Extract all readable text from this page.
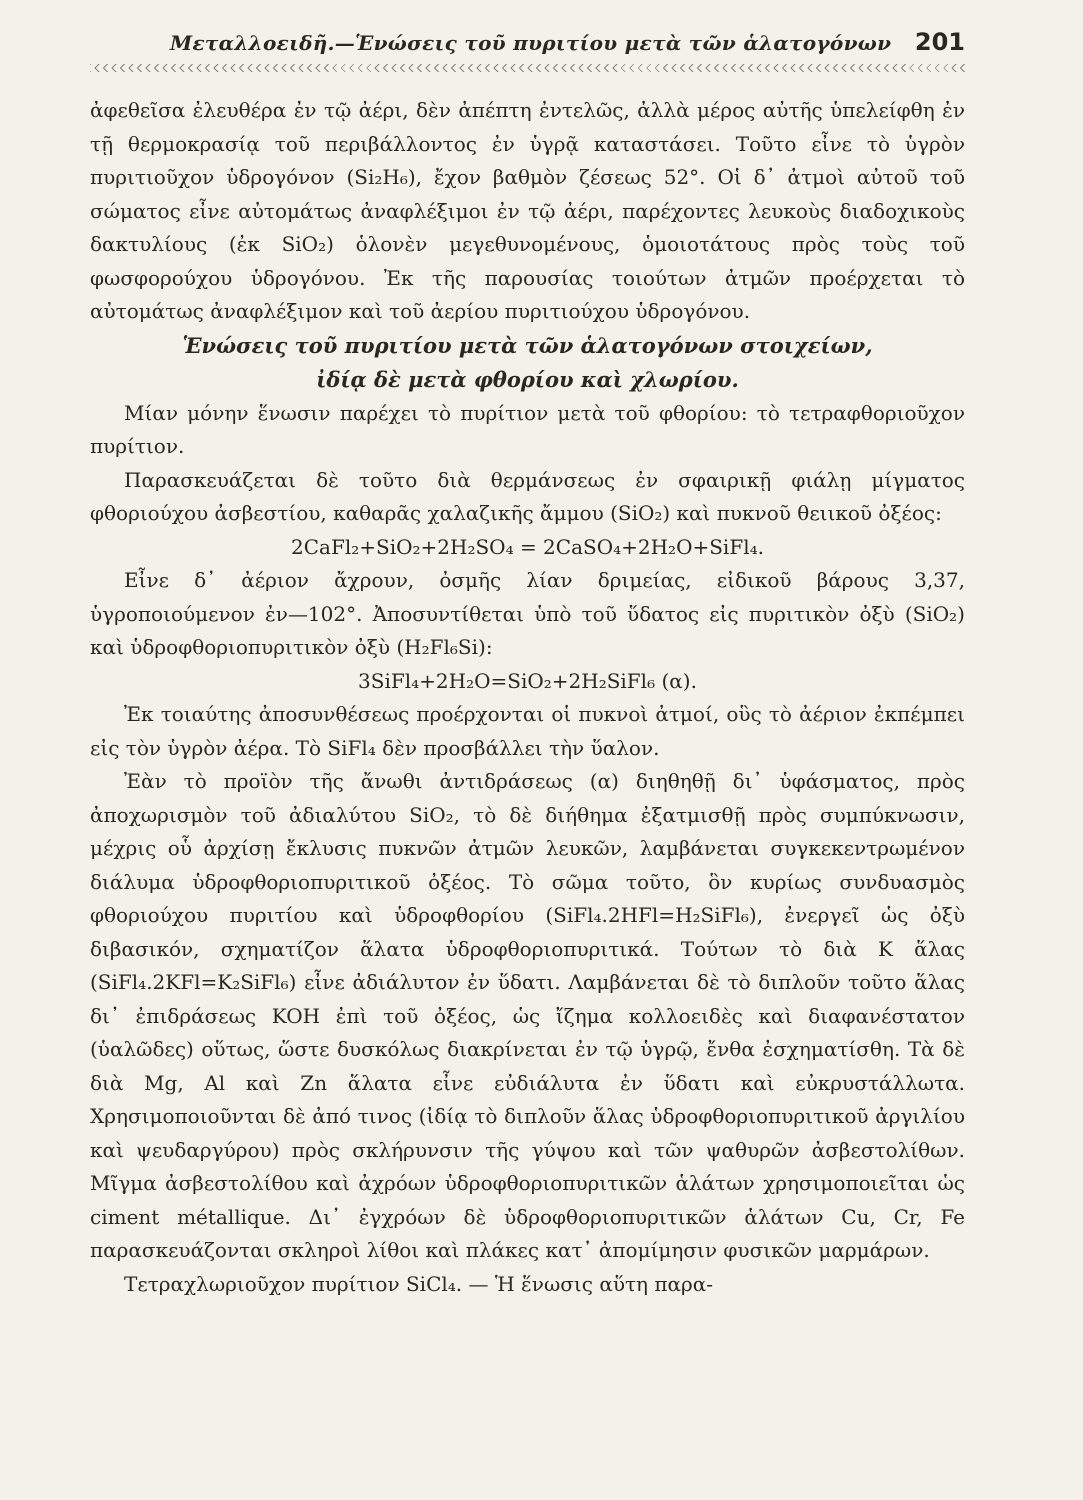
Μεταλλοειδῆ.—Ἑνώσεις τοῦ πυριτίου μετὰ τῶν ἁλατογόνων 201

ἀφεθεῖσα ἐλευθέρα ἐν τῷ ἀέρι, δὲν ἀπέπτη ἐντελῶς, ἀλλὰ μέρος αὐτῆς ὑπελείφθη ἐν τῇ θερμοκρασίᾳ τοῦ περιβάλλοντος ἐν ὑγρᾷ καταστάσει. Τοῦτο εἶνε τὸ ὑγρὸν πυριτιοῦχον ὑδρογόνον (Si₂H₆), ἔχον βαθμὸν ζέσεως 52°. Οἱ δ᾿ ἀτμοὶ αὐτοῦ τοῦ σώματος εἶνε αὐτομάτως ἀναφλέξιμοι ἐν τῷ ἀέρι, παρέχοντες λευκοὺς διαδοχικοὺς δακτυλίους (ἐκ SiO₂) ὁλονὲν μεγεθυνομένους, ὁμοιοτάτους πρὸς τοὺς τοῦ φωσφορούχου ὑδρογόνου. Ἐκ τῆς παρουσίας τοιούτων ἀτμῶν προέρχεται τὸ αὐτομάτως ἀναφλέξιμον καὶ τοῦ ἀερίου πυριτιούχου ὑδρογόνου.

Ἑνώσεις τοῦ πυριτίου μετὰ τῶν ἁλατογόνων στοιχείων,

ἰδίᾳ δὲ μετὰ φθορίου καὶ χλωρίου.

Μίαν μόνην ἕνωσιν παρέχει τὸ πυρίτιον μετὰ τοῦ φθορίου: τὸ τετραφθοριοῦχον πυρίτιον.

Παρασκευάζεται δὲ τοῦτο διὰ θερμάνσεως ἐν σφαιρικῇ φιάλῃ μίγματος φθοριούχου ἀσβεστίου, καθαρᾶς χαλαζικῆς ἄμμου (SiO₂) καὶ πυκνοῦ θειικοῦ ὀξέος:

2CaFl₂+SiO₂+2H₂SO₄ = 2CaSO₄+2H₂O+SiFl₄.

Εἶνε δ᾿ ἀέριον ἄχρουν, ὀσμῆς λίαν δριμείας, εἰδικοῦ βάρους 3,37, ὑγροποιούμενον ἐν—102°. Ἀποσυντίθεται ὑπὸ τοῦ ὕδατος εἰς πυριτικὸν ὀξὺ (SiO₂) καὶ ὑδροφθοριοπυριτικὸν ὀξὺ (H₂Fl₆Si):

3SiFl₄+2H₂O=SiO₂+2H₂SiFl₆ (α).

Ἐκ τοιαύτης ἀποσυνθέσεως προέρχονται οἱ πυκνοὶ ἀτμοί, οὓς τὸ ἀέριον ἐκπέμπει εἰς τὸν ὑγρὸν ἀέρα. Τὸ SiFl₄ δὲν προσβάλλει τὴν ὕαλον.

Ἐὰν τὸ προϊὸν τῆς ἄνωθι ἀντιδράσεως (α) διηθηθῇ δι᾿ ὑφάσματος, πρὸς ἀποχωρισμὸν τοῦ ἀδιαλύτου SiO₂, τὸ δὲ διήθημα ἐξατμισθῇ πρὸς συμπύκνωσιν, μέχρις οὗ ἀρχίσῃ ἔκλυσις πυκνῶν ἀτμῶν λευκῶν, λαμβάνεται συγκεκεντρωμένον διάλυμα ὑδροφθοριοπυριτικοῦ ὀξέος. Τὸ σῶμα τοῦτο, ὃν κυρίως συνδυασμὸς φθοριούχου πυριτίου καὶ ὑδροφθορίου (SiFl₄.2HFl=H₂SiFl₆), ἐνεργεῖ ὡς ὀξὺ διβασικόν, σχηματίζον ἅλατα ὑδροφθοριοπυριτικά. Τούτων τὸ διὰ K ἅλας (SiFl₄.2KFl=K₂SiFl₆) εἶνε ἀδιάλυτον ἐν ὕδατι. Λαμβάνεται δὲ τὸ διπλοῦν τοῦτο ἅλας δι᾿ ἐπιδράσεως KOH ἐπὶ τοῦ ὀξέος, ὡς ἴζημα κολλοειδὲς καὶ διαφανέστατον (ὑαλῶδες) οὕτως, ὥστε δυσκόλως διακρίνεται ἐν τῷ ὑγρῷ, ἔνθα ἐσχηματίσθη. Τὰ δὲ διὰ Mg, Al καὶ Zn ἅλατα εἶνε εὐδιάλυτα ἐν ὕδατι καὶ εὐκρυστάλλωτα. Χρησιμοποιοῦνται δὲ ἀπό τινος (ἰδίᾳ τὸ διπλοῦν ἅλας ὑδροφθοριοπυριτικοῦ ἀργιλίου καὶ ψευδαργύρου) πρὸς σκλήρυνσιν τῆς γύψου καὶ τῶν ψαθυρῶν ἀσβεστολίθων. Μῖγμα ἀσβεστολίθου καὶ ἀχρόων ὑδροφθοριοπυριτικῶν ἁλάτων χρησιμοποιεῖται ὡς ciment métallique. Δι᾿ ἐγχρόων δὲ ὑδροφθοριοπυριτικῶν ἁλάτων Cu, Cr, Fe παρασκευάζονται σκληροὶ λίθοι καὶ πλάκες κατ᾿ ἀπομίμησιν φυσικῶν μαρμάρων.

Τετραχλωριοῦχον πυρίτιον SiCl₄. — Ἡ ἕνωσις αὕτη παρα-
